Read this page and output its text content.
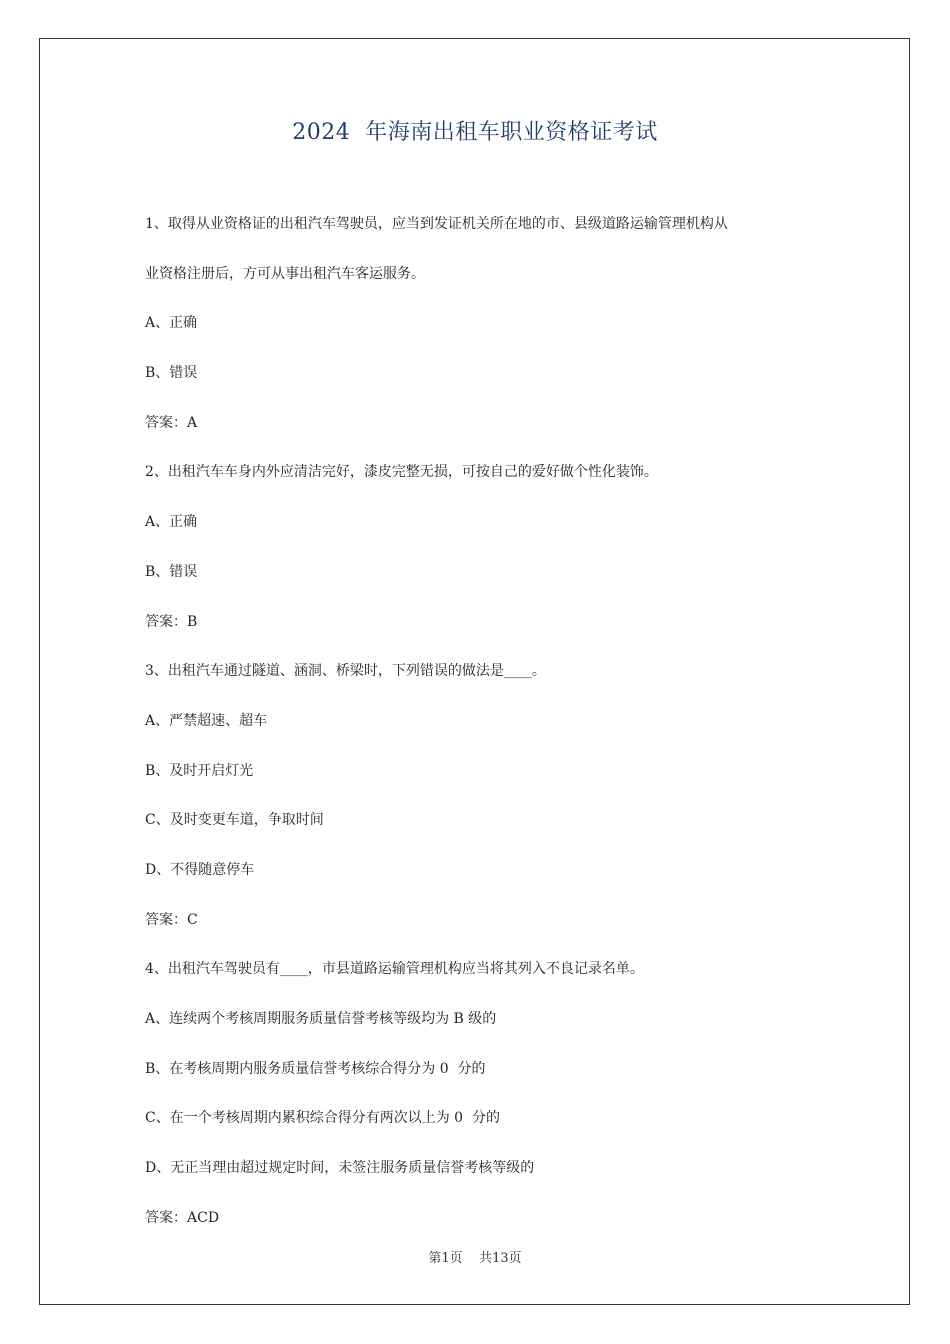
2024  年海南出租车职业资格证考试
1、取得从业资格证的出租汽车驾驶员，应当到发证机关所在地的市、县级道路运输管理机构从
业资格注册后，方可从事出租汽车客运服务。
A、正确
B、错误
答案：A
2、出租汽车车身内外应清洁完好，漆皮完整无损，可按自己的爱好做个性化装饰。
A、正确
B、错误
答案：B
3、出租汽车通过隧道、涵洞、桥梁时，下列错误的做法是____。
A、严禁超速、超车
B、及时开启灯光
C、及时变更车道，争取时间
D、不得随意停车
答案：C
4、出租汽车驾驶员有____，市县道路运输管理机构应当将其列入不良记录名单。
A、连续两个考核周期服务质量信誉考核等级均为 B 级的
B、在考核周期内服务质量信誉考核综合得分为 0  分的
C、在一个考核周期内累积综合得分有两次以上为 0  分的
D、无正当理由超过规定时间，未签注服务质量信誉考核等级的
答案：ACD
第1页 共13页
